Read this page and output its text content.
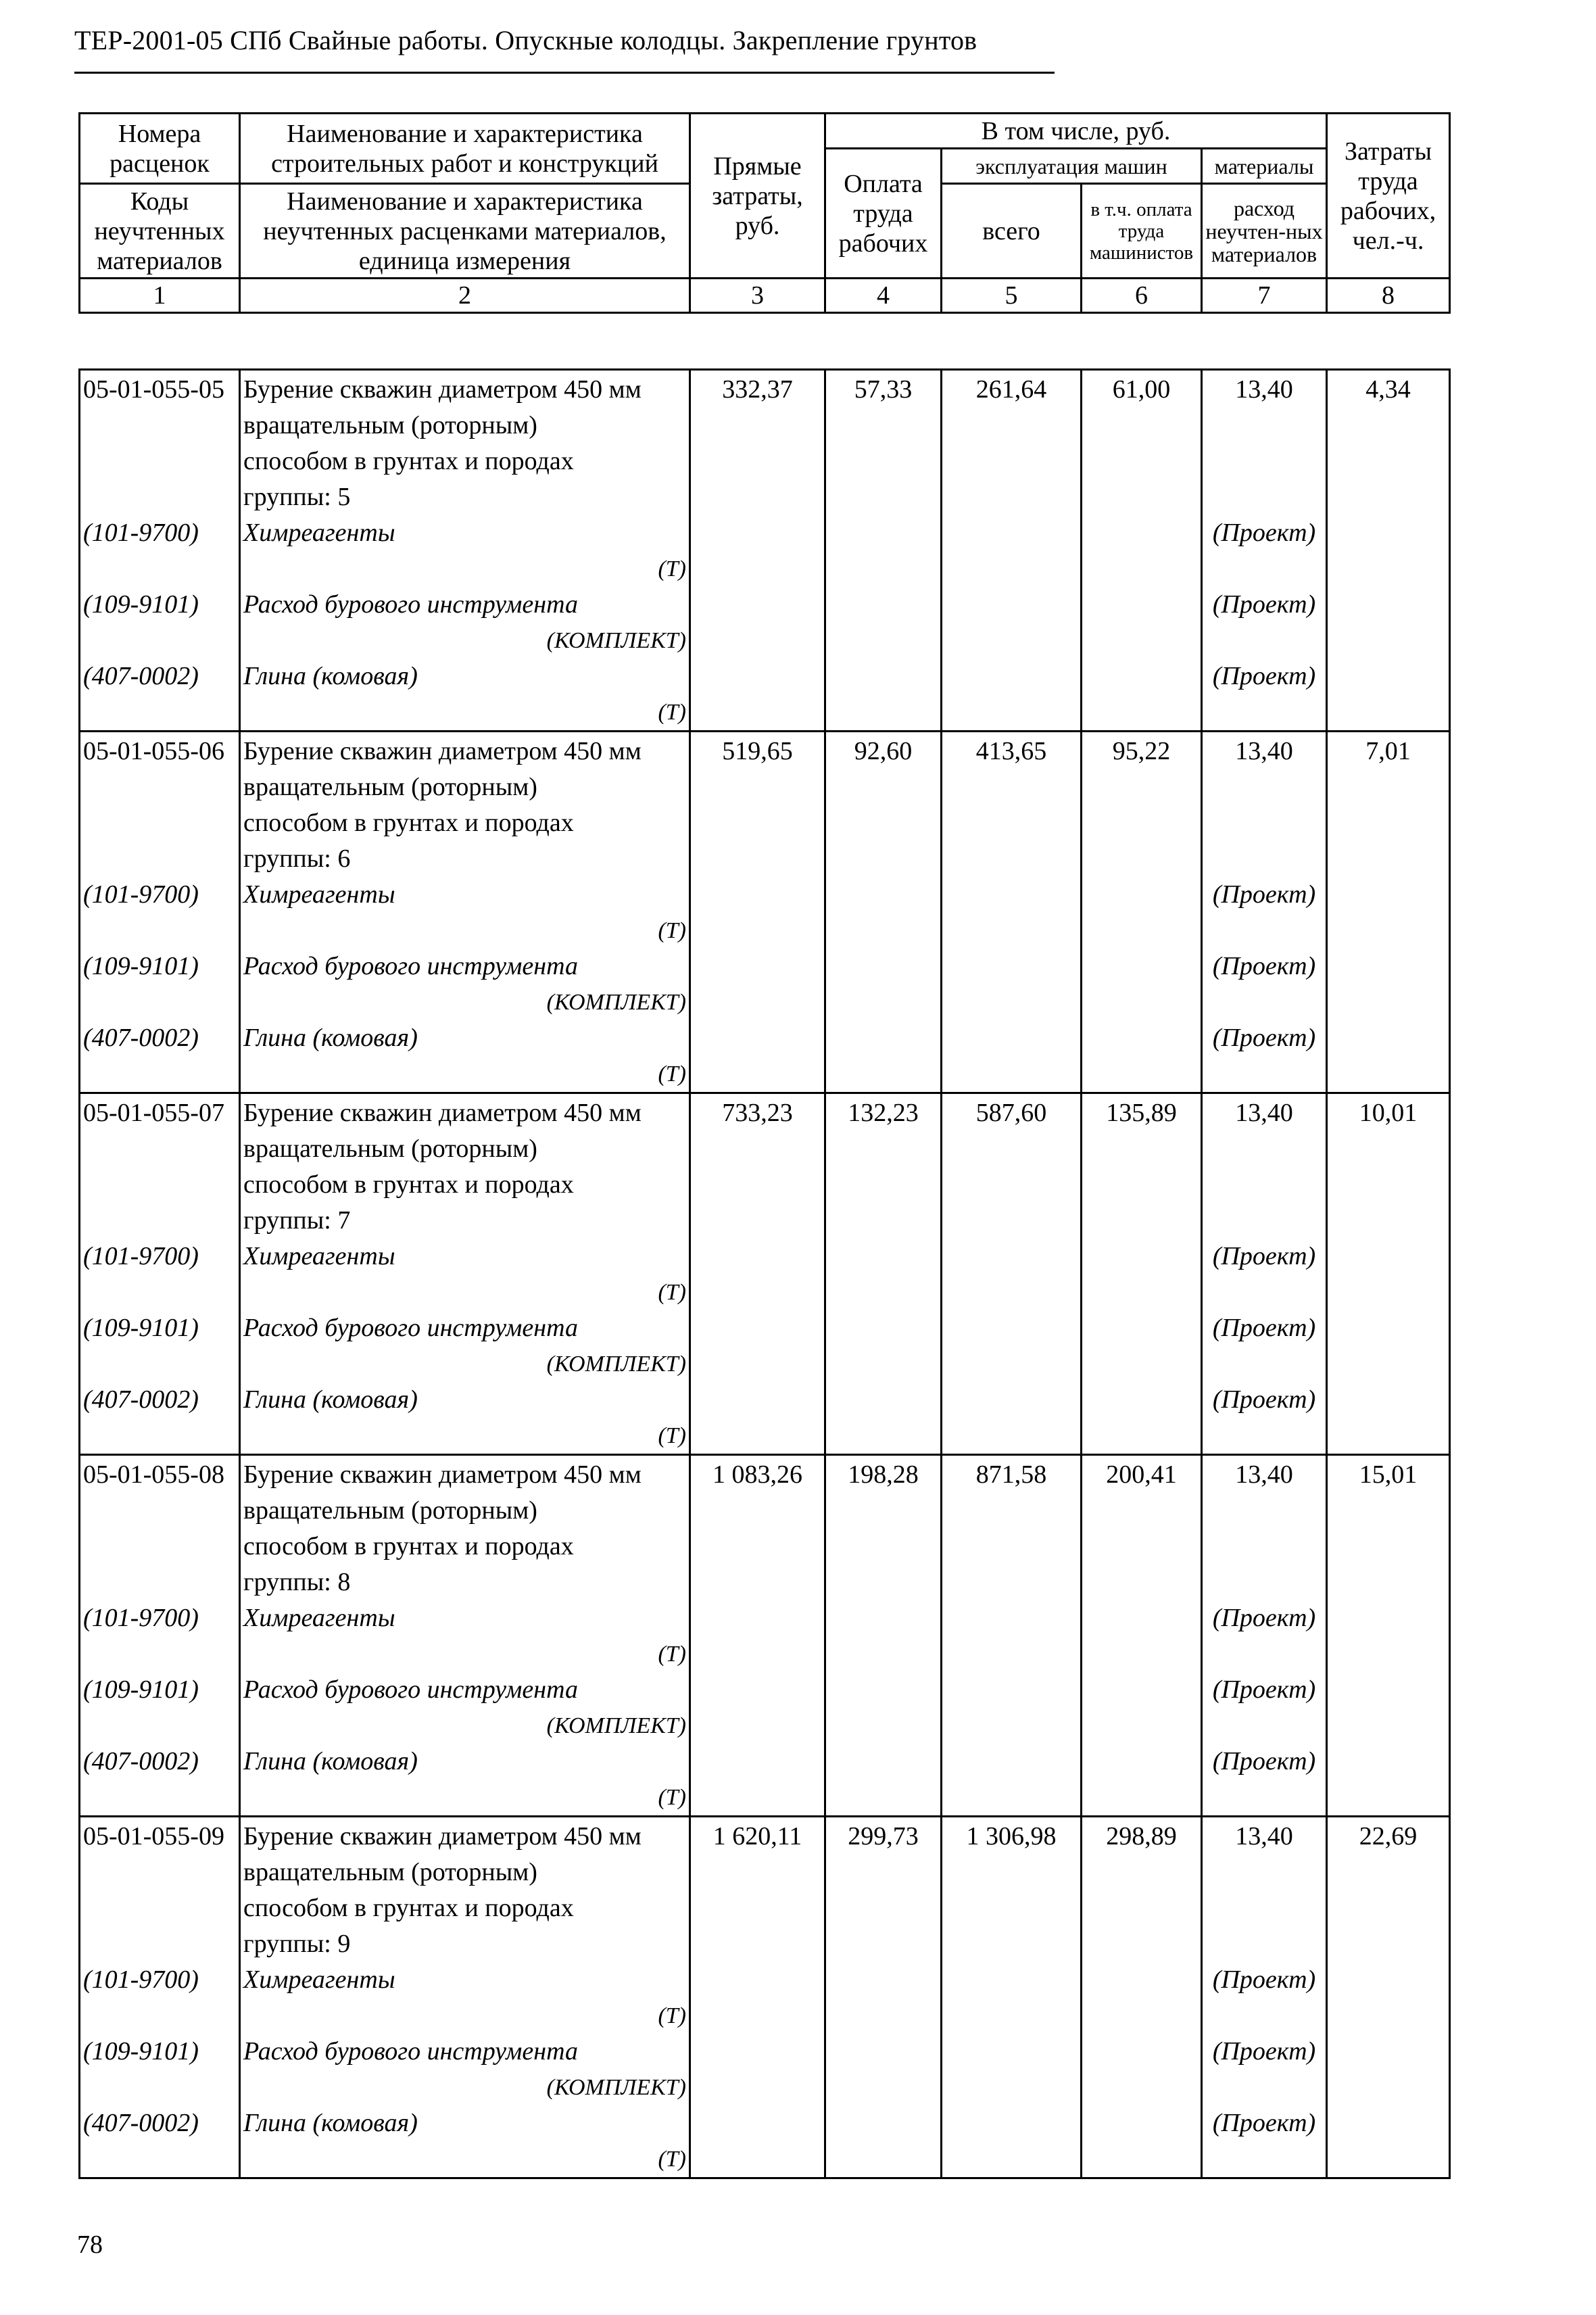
ТЕР-2001-05 СПб Свайные работы. Опускные колодцы. Закрепление грунтов
Номера расценок	Наименование и характеристика строительных работ и конструкций	Прямые затраты, руб.	В том числе, руб.				Затраты труда рабочих, чел.-ч.
			Оплата труда рабочих	эксплуатация машин		материалы	
Коды неучтенных материалов	Наименование и характеристика неучтенных расценками материалов, единица измерения			всего	в т.ч. оплата труда машинистов	расход неучтен-ных материалов	

1	2	3	4	5	6	7	8
05-01-055-05	Бурение скважин диаметром 450 мм	332,37	57,33	261,64	61,00	13,40	4,34
	вращательным (роторным)						
	способом в грунтах и породах						
	группы: 5						
(101-9700)	Химреагенты					(Проект)	

	(Т)						

(109-9101)	Расход бурового инструмента					(Проект)	

	(КОМПЛЕКТ)						

(407-0002)	Глина (комовая)					(Проект)	

	(Т)						

05-01-055-06	Бурение скважин диаметром 450 мм	519,65	92,60	413,65	95,22	13,40	7,01
	вращательным (роторным)						
	способом в грунтах и породах						
	группы: 6						
(101-9700)	Химреагенты					(Проект)	

	(Т)						

(109-9101)	Расход бурового инструмента					(Проект)	

	(КОМПЛЕКТ)						

(407-0002)	Глина (комовая)					(Проект)	

	(Т)						

05-01-055-07	Бурение скважин диаметром 450 мм	733,23	132,23	587,60	135,89	13,40	10,01
	вращательным (роторным)						
	способом в грунтах и породах						
	группы: 7						
(101-9700)	Химреагенты					(Проект)	

	(Т)						

(109-9101)	Расход бурового инструмента					(Проект)	

	(КОМПЛЕКТ)						

(407-0002)	Глина (комовая)					(Проект)	

	(Т)						

05-01-055-08	Бурение скважин диаметром 450 мм	1 083,26	198,28	871,58	200,41	13,40	15,01
	вращательным (роторным)						
	способом в грунтах и породах						
	группы: 8						
(101-9700)	Химреагенты					(Проект)	

	(Т)						

(109-9101)	Расход бурового инструмента					(Проект)	

	(КОМПЛЕКТ)						

(407-0002)	Глина (комовая)					(Проект)	

	(Т)						

05-01-055-09	Бурение скважин диаметром 450 мм	1 620,11	299,73	1 306,98	298,89	13,40	22,69
	вращательным (роторным)						
	способом в грунтах и породах						
	группы: 9						
(101-9700)	Химреагенты					(Проект)	

	(Т)						

(109-9101)	Расход бурового инструмента					(Проект)	

	(КОМПЛЕКТ)						

(407-0002)	Глина (комовая)					(Проект)	

	(Т)						

78
